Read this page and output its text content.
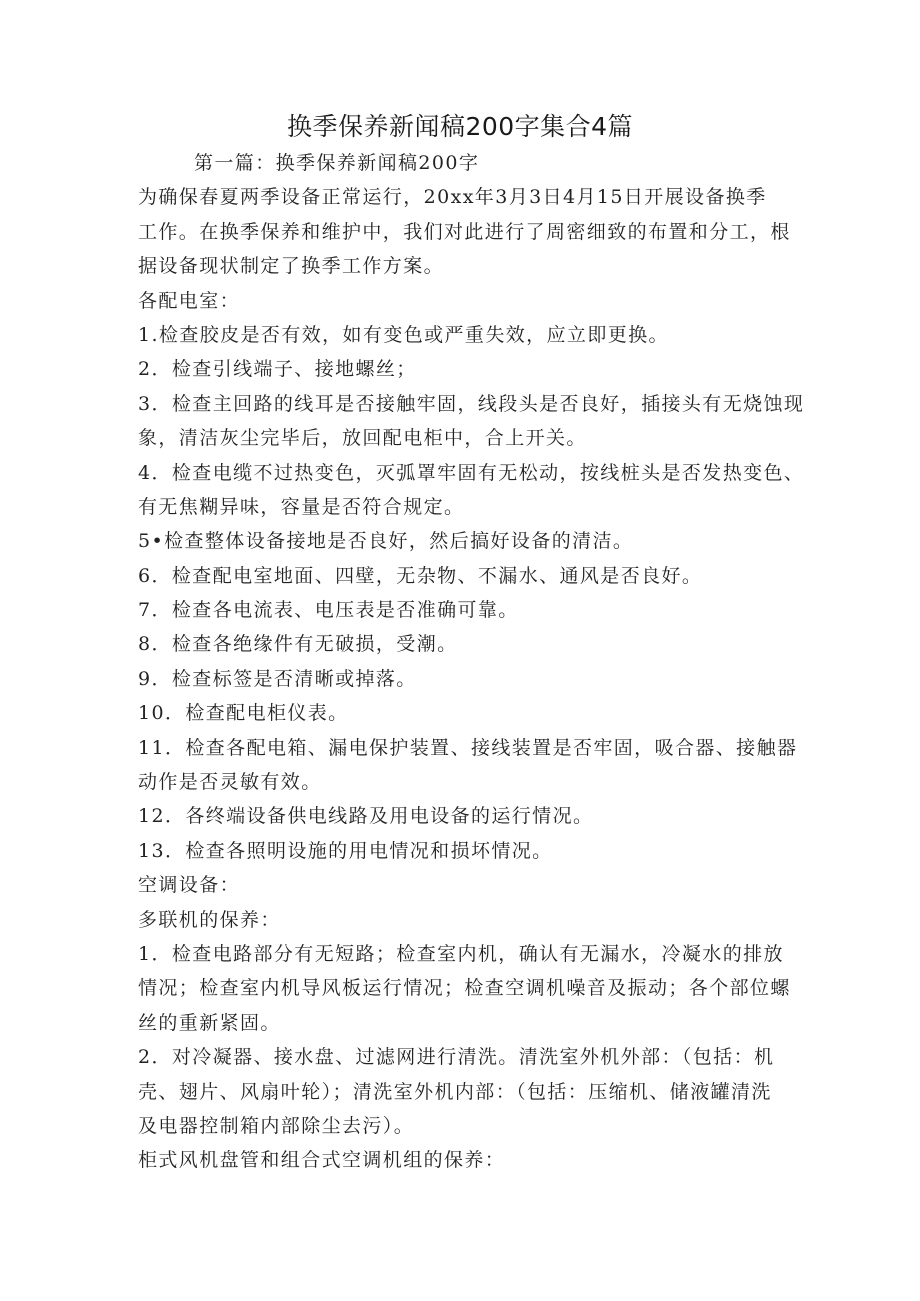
换季保养新闻稿200字集合4篇
第一篇：换季保养新闻稿200字
为确保春夏两季设备正常运行，20xx年3月3日4月15日开展设备换季
工作。在换季保养和维护中，我们对此进行了周密细致的布置和分工，根
据设备现状制定了换季工作方案。
各配电室：
1.检查胶皮是否有效，如有变色或严重失效，应立即更换。
2．检查引线端子、接地螺丝；
3．检查主回路的线耳是否接触牢固，线段头是否良好，插接头有无烧蚀现
象，清洁灰尘完毕后，放回配电柜中，合上开关。
4．检查电缆不过热变色，灭弧罩牢固有无松动，按线桩头是否发热变色、
有无焦糊异味，容量是否符合规定。
5•检查整体设备接地是否良好，然后搞好设备的清洁。
6．检查配电室地面、四壁，无杂物、不漏水、通风是否良好。
7．检查各电流表、电压表是否准确可靠。
8．检查各绝缘件有无破损，受潮。
9．检查标签是否清晰或掉落。
10．检查配电柜仪表。
11．检查各配电箱、漏电保护装置、接线装置是否牢固，吸合器、接触器
动作是否灵敏有效。
12．各终端设备供电线路及用电设备的运行情况。
13．检查各照明设施的用电情况和损坏情况。
空调设备：
多联机的保养：
1．检查电路部分有无短路；检查室内机，确认有无漏水，冷凝水的排放
情况；检查室内机导风板运行情况；检查空调机噪音及振动；各个部位螺
丝的重新紧固。
2．对冷凝器、接水盘、过滤网进行清洗。清洗室外机外部：（包括：机
壳、翅片、风扇叶轮）；清洗室外机内部：（包括：压缩机、储液罐清洗
及电器控制箱内部除尘去污）。
柜式风机盘管和组合式空调机组的保养：
